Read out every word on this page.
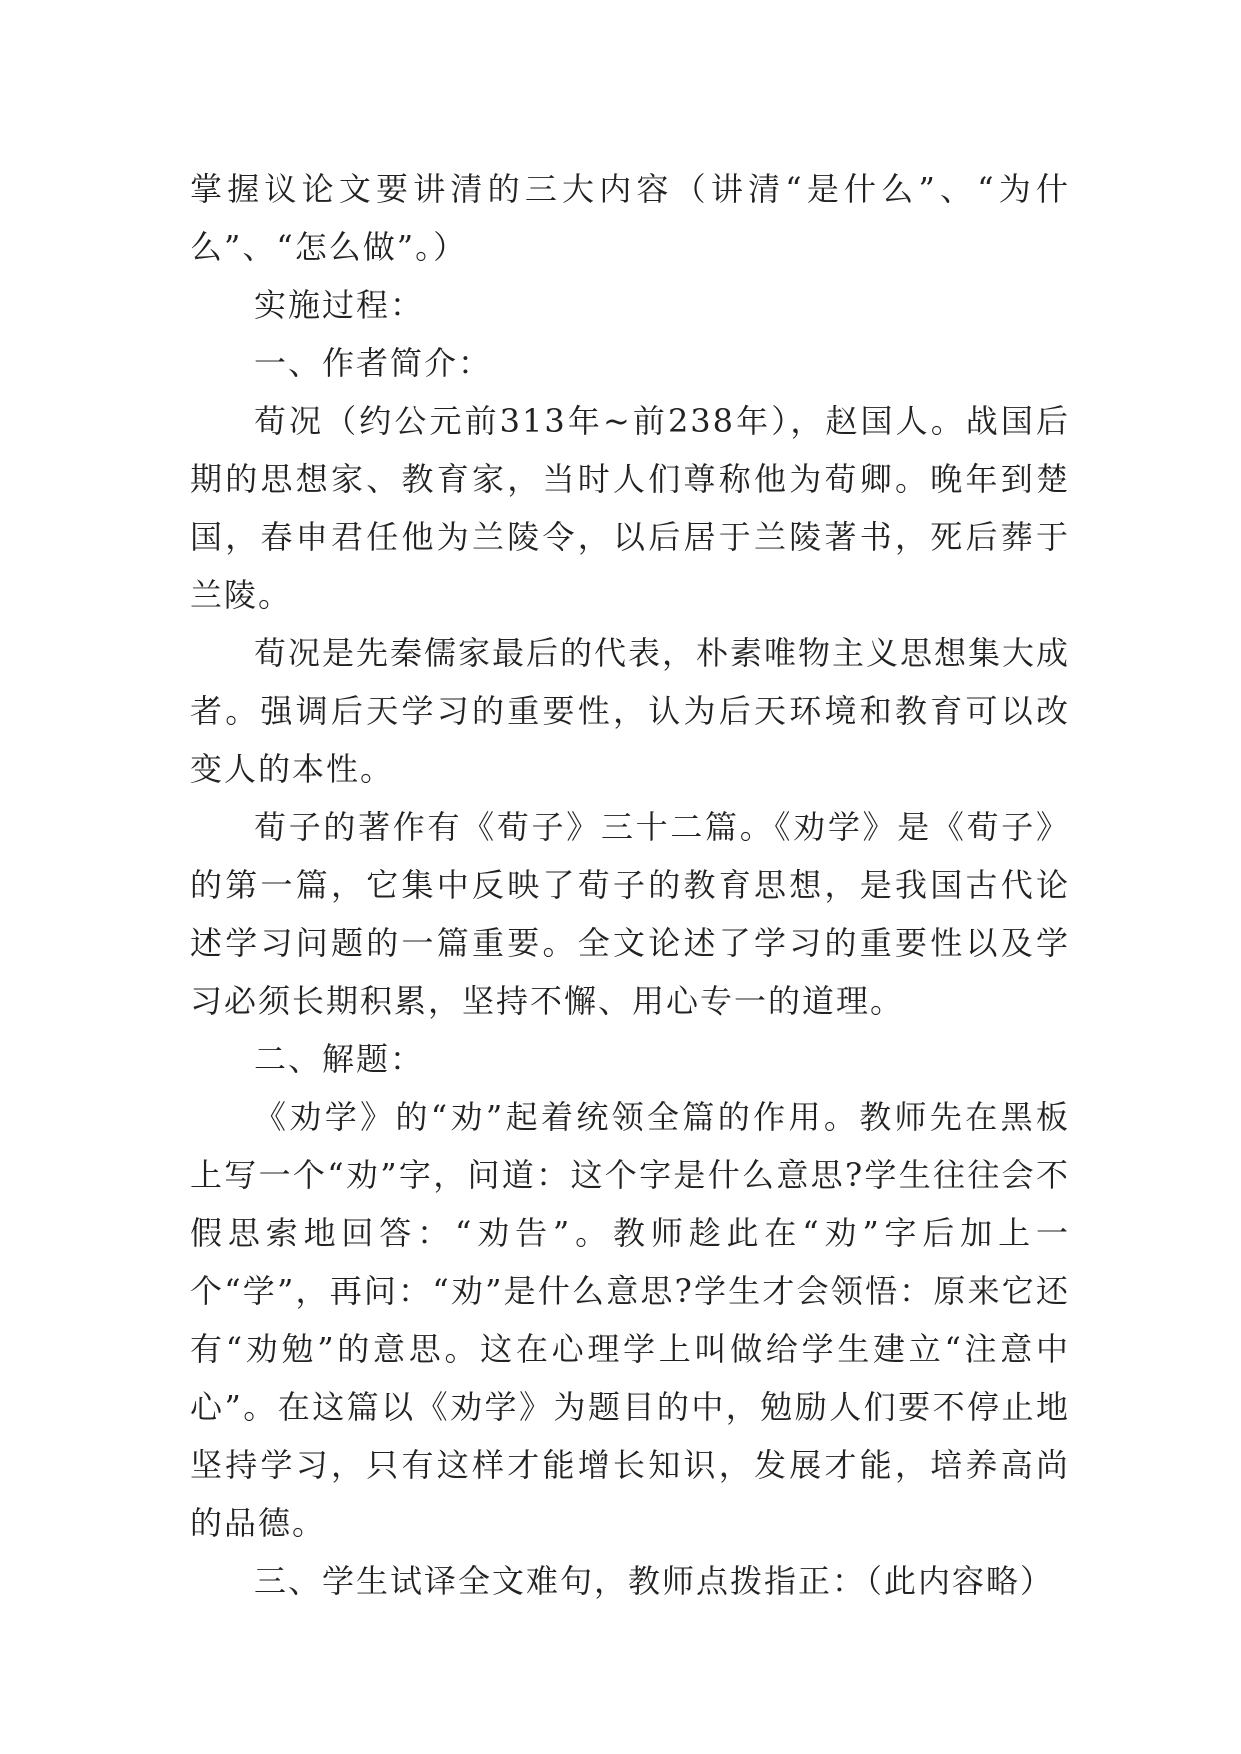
掌握议论文要讲清的三大内容（讲清“是什么”、“为什么”、“怎么做”。）

实施过程：

一、作者简介：

荀况（约公元前313年~前238年），赵国人。战国后期的思想家、教育家，当时人们尊称他为荀卿。晚年到楚国，春申君任他为兰陵令，以后居于兰陵著书，死后葬于兰陵。

荀况是先秦儒家最后的代表，朴素唯物主义思想集大成者。强调后天学习的重要性，认为后天环境和教育可以改变人的本性。

荀子的著作有《荀子》三十二篇。《劝学》是《荀子》的第一篇，它集中反映了荀子的教育思想，是我国古代论述学习问题的一篇重要。全文论述了学习的重要性以及学习必须长期积累，坚持不懈、用心专一的道理。

二、解题：

《劝学》的“劝”起着统领全篇的作用。教师先在黑板上写一个“劝”字，问道：这个字是什么意思?学生往往会不假思索地回答：“劝告”。教师趁此在“劝”字后加上一个“学”，再问：“劝”是什么意思?学生才会领悟：原来它还有“劝勉”的意思。这在心理学上叫做给学生建立“注意中心”。在这篇以《劝学》为题目的中，勉励人们要不停止地坚持学习，只有这样才能增长知识，发展才能，培养高尚的品德。

三、学生试译全文难句，教师点拨指正：（此内容略）
